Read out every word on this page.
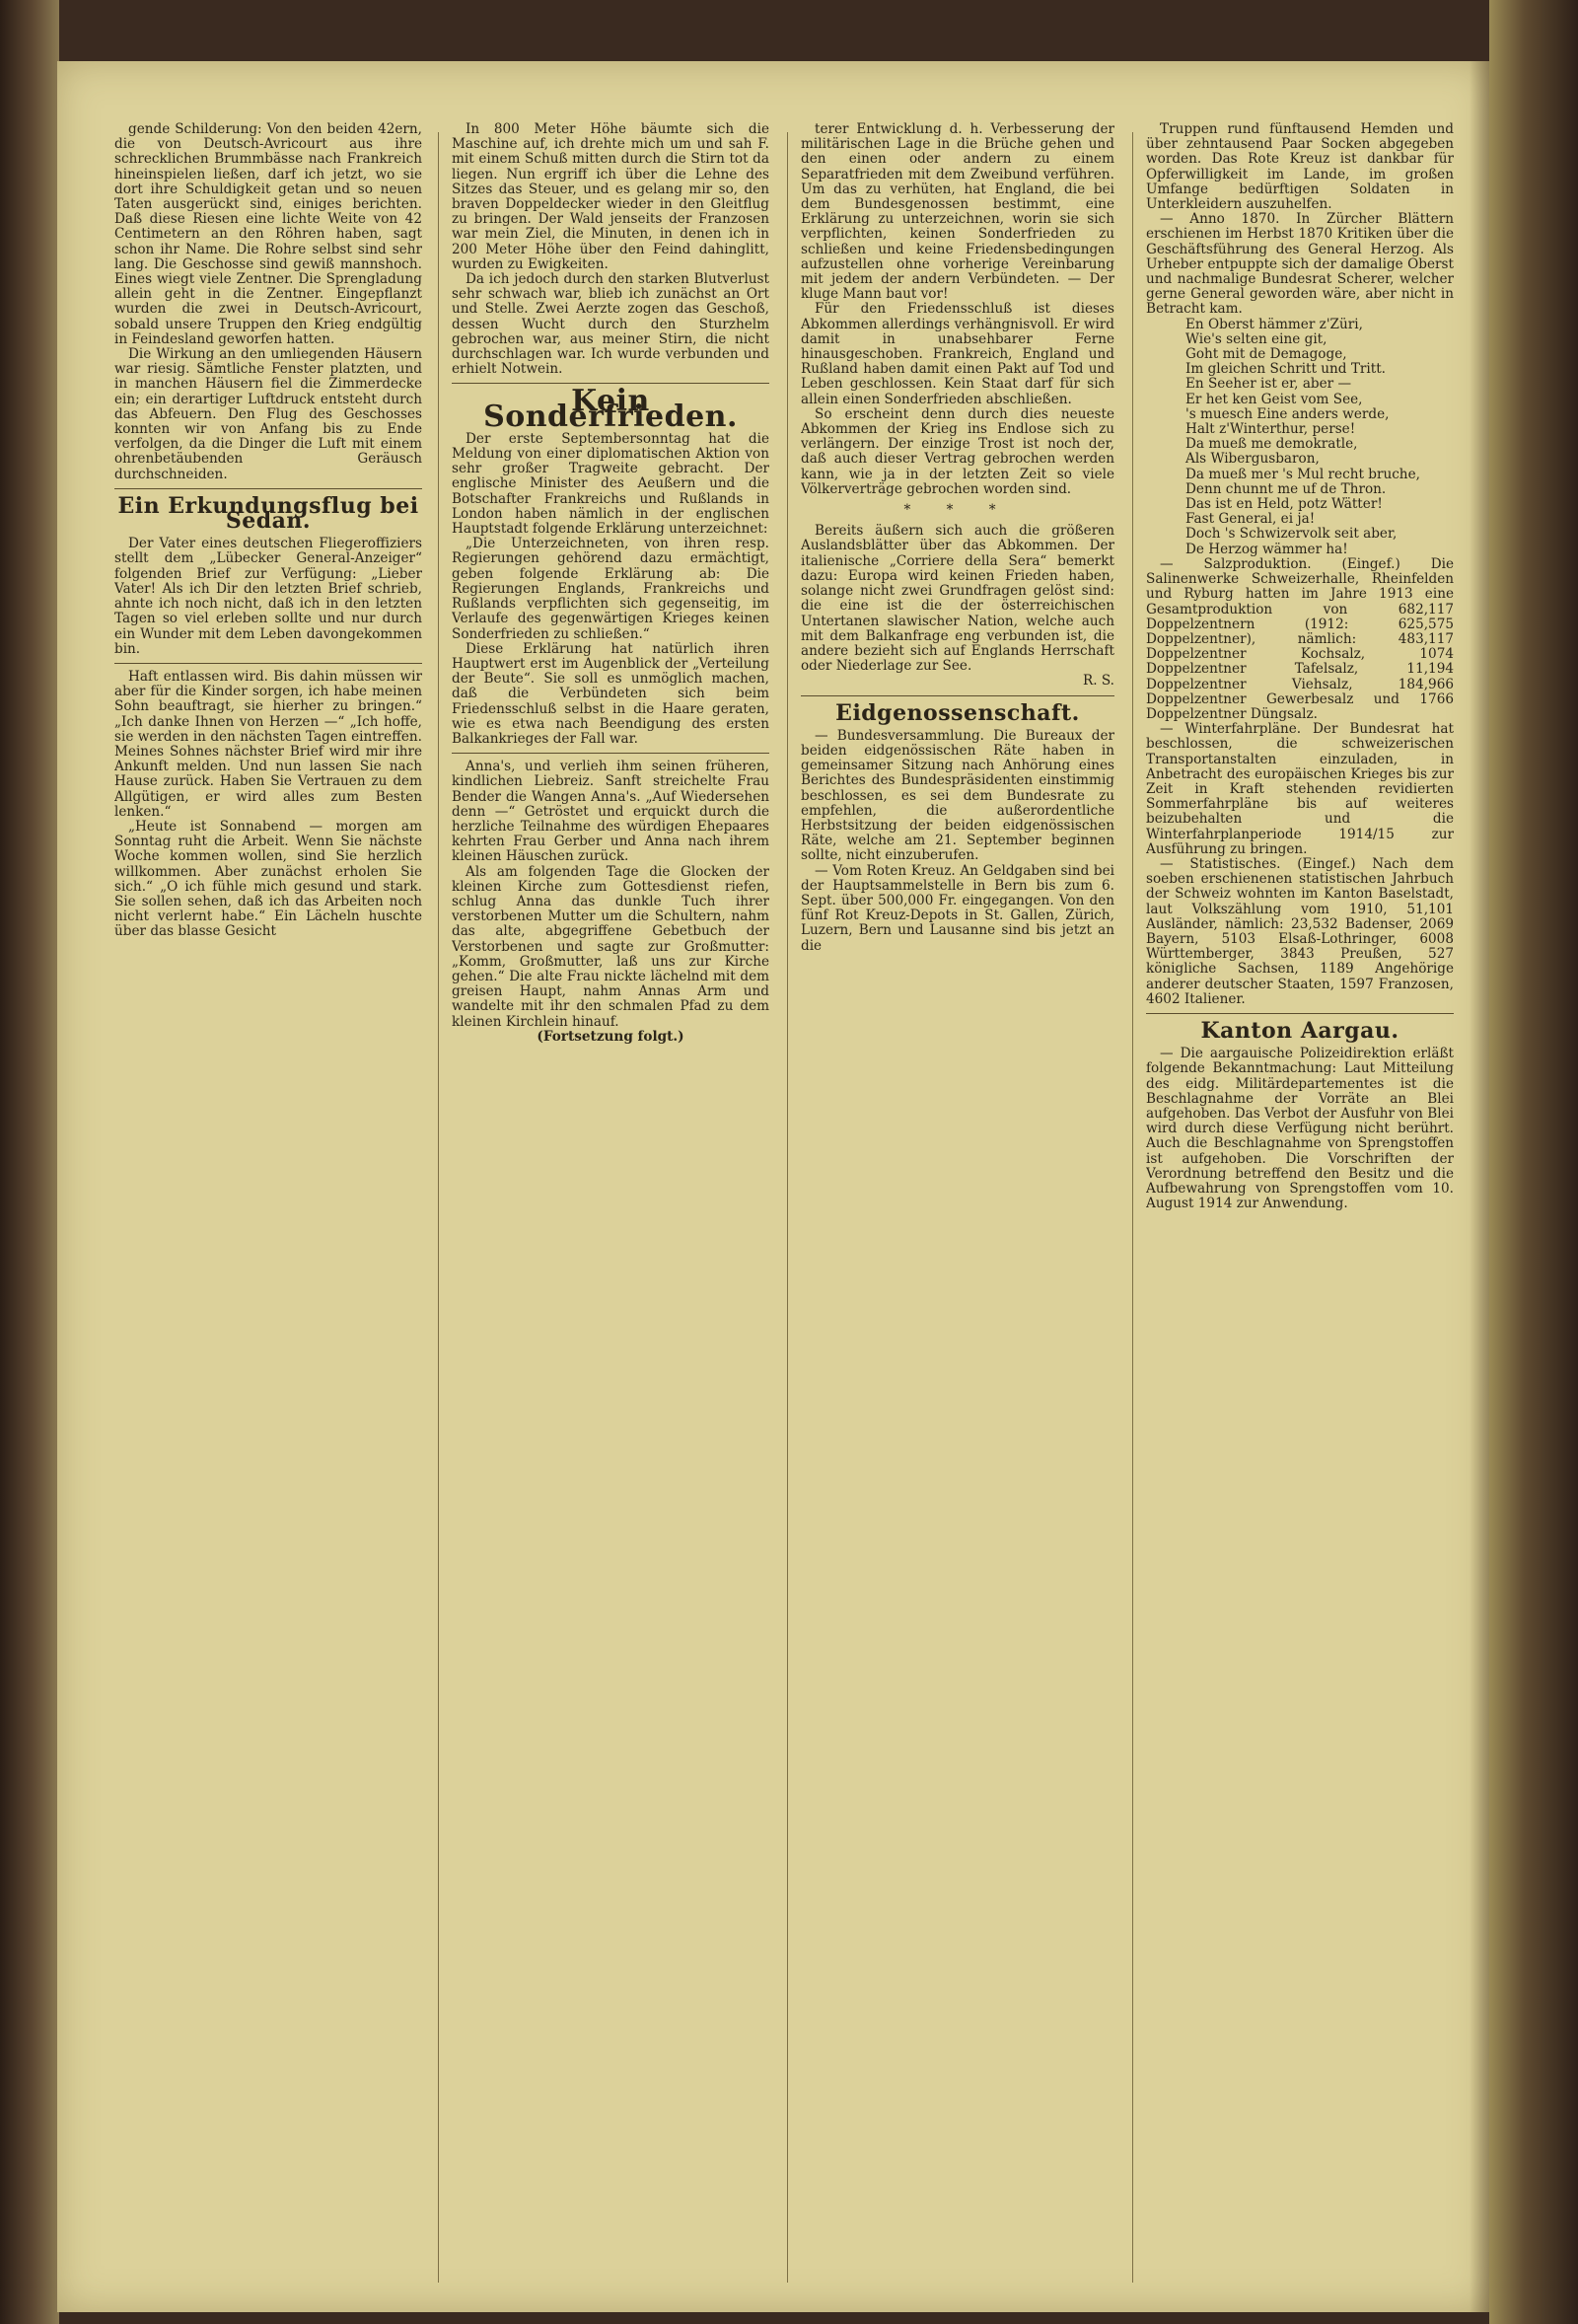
gende Schilderung: Von den beiden 42ern, die von Deutsch-Avricourt aus ihre schrecklichen Brummbässe nach Frankreich hineinspielen ließen, darf ich jetzt, wo sie dort ihre Schuldigkeit getan und so neuen Taten ausgerückt sind, einiges berichten. Daß diese Riesen eine lichte Weite von 42 Centimetern an den Röhren haben, sagt schon ihr Name. Die Rohre selbst sind sehr lang. Die Geschosse sind gewiß mannshoch. Eines wiegt viele Zentner. Die Sprengladung allein geht in die Zentner. Eingepflanzt wurden die zwei in Deutsch-Avricourt, sobald unsere Truppen den Krieg endgültig in Feindesland geworfen hatten.

Die Wirkung an den umliegenden Häusern war riesig. Sämtliche Fenster platzten, und in manchen Häusern fiel die Zimmerdecke ein; ein derartiger Luftdruck entsteht durch das Abfeuern. Den Flug des Geschosses konnten wir von Anfang bis zu Ende verfolgen, da die Dinger die Luft mit einem ohrenbetäubenden Geräusch durchschneiden.

Ein Erkundungsflug bei Sedan.

Der Vater eines deutschen Fliegeroffiziers stellt dem „Lübecker General-Anzeiger“ folgenden Brief zur Verfügung: „Lieber Vater! Als ich Dir den letzten Brief schrieb, ahnte ich noch nicht, daß ich in den letzten Tagen so viel erleben sollte und nur durch ein Wunder mit dem Leben davongekommen bin.

Haft entlassen wird. Bis dahin müssen wir aber für die Kinder sorgen, ich habe meinen Sohn beauftragt, sie hierher zu bringen.“ „Ich danke Ihnen von Herzen —“ „Ich hoffe, sie werden in den nächsten Tagen eintreffen. Meines Sohnes nächster Brief wird mir ihre Ankunft melden. Und nun lassen Sie nach Hause zurück. Haben Sie Vertrauen zu dem Allgütigen, er wird alles zum Besten lenken.“

„Heute ist Sonnabend — morgen am Sonntag ruht die Arbeit. Wenn Sie nächste Woche kommen wollen, sind Sie herzlich willkommen. Aber zunächst erholen Sie sich.“ „O ich fühle mich gesund und stark. Sie sollen sehen, daß ich das Arbeiten noch nicht verlernt habe.“ Ein Lächeln huschte über das blasse Gesicht

In 800 Meter Höhe bäumte sich die Maschine auf, ich drehte mich um und sah F. mit einem Schuß mitten durch die Stirn tot da liegen. Nun ergriff ich über die Lehne des Sitzes das Steuer, und es gelang mir so, den braven Doppeldecker wieder in den Gleitflug zu bringen. Der Wald jenseits der Franzosen war mein Ziel, die Minuten, in denen ich in 200 Meter Höhe über den Feind dahinglitt, wurden zu Ewigkeiten.

Da ich jedoch durch den starken Blutverlust sehr schwach war, blieb ich zunächst an Ort und Stelle. Zwei Aerzte zogen das Geschoß, dessen Wucht durch den Sturzhelm gebrochen war, aus meiner Stirn, die nicht durchschlagen war. Ich wurde verbunden und erhielt Notwein.

Kein Sonderfrieden.

Der erste Septembersonntag hat die Meldung von einer diplomatischen Aktion von sehr großer Tragweite gebracht. Der englische Minister des Aeußern und die Botschafter Frankreichs und Rußlands in London haben nämlich in der englischen Hauptstadt folgende Erklärung unterzeichnet:

„Die Unterzeichneten, von ihren resp. Regierungen gehörend dazu ermächtigt, geben folgende Erklärung ab: Die Regierungen Englands, Frankreichs und Rußlands verpflichten sich gegenseitig, im Verlaufe des gegenwärtigen Krieges keinen Sonderfrieden zu schließen.“

Diese Erklärung hat natürlich ihren Hauptwert erst im Augenblick der „Verteilung der Beute“. Sie soll es unmöglich machen, daß die Verbündeten sich beim Friedensschluß selbst in die Haare geraten, wie es etwa nach Beendigung des ersten Balkankrieges der Fall war.

Anna's, und verlieh ihm seinen früheren, kindlichen Liebreiz. Sanft streichelte Frau Bender die Wangen Anna's. „Auf Wiedersehen denn —“ Getröstet und erquickt durch die herzliche Teilnahme des würdigen Ehepaares kehrten Frau Gerber und Anna nach ihrem kleinen Häuschen zurück.

Als am folgenden Tage die Glocken der kleinen Kirche zum Gottesdienst riefen, schlug Anna das dunkle Tuch ihrer verstorbenen Mutter um die Schultern, nahm das alte, abgegriffene Gebetbuch der Verstorbenen und sagte zur Großmutter: „Komm, Großmutter, laß uns zur Kirche gehen.“ Die alte Frau nickte lächelnd mit dem greisen Haupt, nahm Annas Arm und wandelte mit ihr den schmalen Pfad zu dem kleinen Kirchlein hinauf.

(Fortsetzung folgt.)

terer Entwicklung d. h. Verbesserung der militärischen Lage in die Brüche gehen und den einen oder andern zu einem Separatfrieden mit dem Zweibund verführen. Um das zu verhüten, hat England, die bei dem Bundesgenossen bestimmt, eine Erklärung zu unterzeichnen, worin sie sich verpflichten, keinen Sonderfrieden zu schließen und keine Friedensbedingungen aufzustellen ohne vorherige Vereinbarung mit jedem der andern Verbündeten. — Der kluge Mann baut vor!

Für den Friedensschluß ist dieses Abkommen allerdings verhängnisvoll. Er wird damit in unabsehbarer Ferne hinausgeschoben. Frankreich, England und Rußland haben damit einen Pakt auf Tod und Leben geschlossen. Kein Staat darf für sich allein einen Sonderfrieden abschließen.

So erscheint denn durch dies neueste Abkommen der Krieg ins Endlose sich zu verlängern. Der einzige Trost ist noch der, daß auch dieser Vertrag gebrochen werden kann, wie ja in der letzten Zeit so viele Völkerverträge gebrochen worden sind.

* * *

Bereits äußern sich auch die größeren Auslandsblätter über das Abkommen. Der italienische „Corriere della Sera“ bemerkt dazu: Europa wird keinen Frieden haben, solange nicht zwei Grundfragen gelöst sind: die eine ist die der österreichischen Untertanen slawischer Nation, welche auch mit dem Balkanfrage eng verbunden ist, die andere bezieht sich auf Englands Herrschaft oder Niederlage zur See.

R. S.
Eidgenossenschaft.

— Bundesversammlung. Die Bureaux der beiden eidgenössischen Räte haben in gemeinsamer Sitzung nach Anhörung eines Berichtes des Bundespräsidenten einstimmig beschlossen, es sei dem Bundesrate zu empfehlen, die außerordentliche Herbstsitzung der beiden eidgenössischen Räte, welche am 21. September beginnen sollte, nicht einzuberufen.

— Vom Roten Kreuz. An Geldgaben sind bei der Hauptsammelstelle in Bern bis zum 6. Sept. über 500,000 Fr. eingegangen. Von den fünf Rot Kreuz-Depots in St. Gallen, Zürich, Luzern, Bern und Lausanne sind bis jetzt an die

Truppen rund fünftausend Hemden und über zehntausend Paar Socken abgegeben worden. Das Rote Kreuz ist dankbar für Opferwilligkeit im Lande, im großen Umfange bedürftigen Soldaten in Unterkleidern auszuhelfen.

— Anno 1870. In Zürcher Blättern erschienen im Herbst 1870 Kritiken über die Geschäftsführung des General Herzog. Als Urheber entpuppte sich der damalige Oberst und nachmalige Bundesrat Scherer, welcher gerne General geworden wäre, aber nicht in Betracht kam.

En Oberst hämmer z'Züri,
Wie's selten eine git,
Goht mit de Demagoge,
Im gleichen Schritt und Tritt.
En Seeher ist er, aber —
Er het ken Geist vom See,
's muesch Eine anders werde,
Halt z'Winterthur, perse!
Da mueß me demokratle,
Als Wibergusbaron,
Da mueß mer 's Mul recht bruche,
Denn chunnt me uf de Thron.
Das ist en Held, potz Wätter!
Fast General, ei ja!
Doch 's Schwizervolk seit aber,
De Herzog wämmer ha!

— Salzproduktion. (Eingef.) Die Salinenwerke Schweizerhalle, Rheinfelden und Ryburg hatten im Jahre 1913 eine Gesamtproduktion von 682,117 Doppelzentnern (1912: 625,575 Doppelzentner), nämlich: 483,117 Doppelzentner Kochsalz, 1074 Doppelzentner Tafelsalz, 11,194 Doppelzentner Viehsalz, 184,966 Doppelzentner Gewerbesalz und 1766 Doppelzentner Düngsalz.

— Winterfahrpläne. Der Bundesrat hat beschlossen, die schweizerischen Transportanstalten einzuladen, in Anbetracht des europäischen Krieges bis zur Zeit in Kraft stehenden revidierten Sommerfahrpläne bis auf weiteres beizubehalten und die Winterfahrplanperiode 1914/15 zur Ausführung zu bringen.

— Statistisches. (Eingef.) Nach dem soeben erschienenen statistischen Jahrbuch der Schweiz wohnten im Kanton Baselstadt, laut Volkszählung vom 1910, 51,101 Ausländer, nämlich: 23,532 Badenser, 2069 Bayern, 5103 Elsaß-Lothringer, 6008 Württemberger, 3843 Preußen, 527 königliche Sachsen, 1189 Angehörige anderer deutscher Staaten, 1597 Franzosen, 4602 Italiener.

Kanton Aargau.

— Die aargauische Polizeidirektion erläßt folgende Bekanntmachung: Laut Mitteilung des eidg. Militärdepartementes ist die Beschlagnahme der Vorräte an Blei aufgehoben. Das Verbot der Ausfuhr von Blei wird durch diese Verfügung nicht berührt. Auch die Beschlagnahme von Sprengstoffen ist aufgehoben. Die Vorschriften der Verordnung betreffend den Besitz und die Aufbewahrung von Sprengstoffen vom 10. August 1914 zur Anwendung.
